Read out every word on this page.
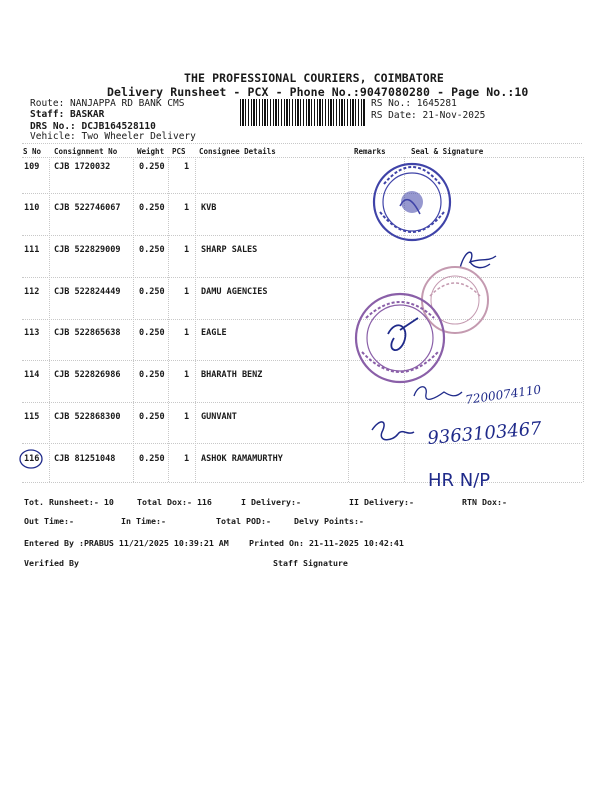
THE PROFESSIONAL COURIERS, COIMBATORE
Delivery Runsheet - PCX - Phone No.:9047080280 - Page No.:10
Route: NANJAPPA RD BANK CMS
Staff: BASKAR
DRS No.: DCJB164528110
Vehicle: Two Wheeler Delivery
RS No.: 1645281
RS Date: 21-Nov-2025
S No Consignment No	Weight PCS Consignee Details	Remarks	Seal & Signature
109 CJB 1720032	0.250 1
110 CJB 522746067 0.250 1 KVB
111 CJB 522829009 0.250 1 SHARP SALES
112 CJB 522824449 0.250 1 DAMU AGENCIES
113 CJB 522865638 0.250 1 EAGLE
114 CJB 522826986 0.250 1 BHARATH BENZ
115 CJB 522868300 0.250 1 GUNVANT
116 CJB 81251048	0.250 1 ASHOK RAMAMURTHY
Tot. Runsheet:- 10	Total Dox:- 116	I Delivery:-	II Delivery:-	RTN Dox:-
Out Time:-	In Time:-	Total POD:-	Delvy Points:-
Entered By :PRABUS 11/21/2025 10:39:21 AM Printed On: 21-11-2025 10:42:41
Verified By	Staff Signature
7200074110
9363103467
HR N/P
